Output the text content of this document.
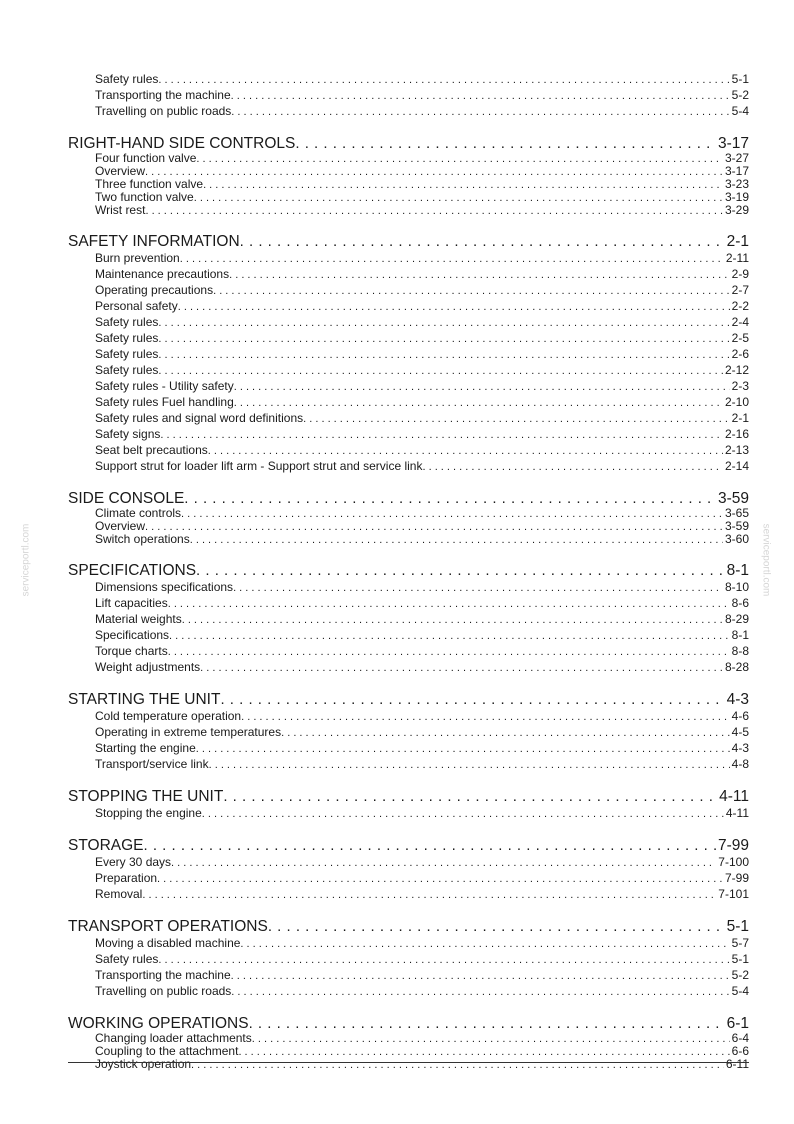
Safety rules . . .	5-1
Transporting the machine . . .	5-2
Travelling on public roads . . .	5-4
RIGHT-HAND SIDE CONTROLS . . .	3-17
Four function valve . . .	3-27
Overview . . .	3-17
Three function valve . . .	3-23
Two function valve . . .	3-19
Wrist rest . . .	3-29
SAFETY INFORMATION . . .	2-1
Burn prevention . . .	2-11
Maintenance precautions . . .	2-9
Operating precautions . . .	2-7
Personal safety . . .	2-2
Safety rules . . .	2-4
Safety rules . . .	2-5
Safety rules . . .	2-6
Safety rules . . .	2-12
Safety rules - Utility safety . . .	2-3
Safety rules Fuel handling . . .	2-10
Safety rules and signal word definitions . . .	2-1
Safety signs . . .	2-16
Seat belt precautions . . .	2-13
Support strut for loader lift arm - Support strut and service link . . .	2-14
SIDE CONSOLE . . .	3-59
Climate controls . . .	3-65
Overview . . .	3-59
Switch operations . . .	3-60
SPECIFICATIONS . . .	8-1
Dimensions specifications . . .	8-10
Lift capacities . . .	8-6
Material weights . . .	8-29
Specifications . . .	8-1
Torque charts . . .	8-8
Weight adjustments . . .	8-28
STARTING THE UNIT . . .	4-3
Cold temperature operation . . .	4-6
Operating in extreme temperatures . . .	4-5
Starting the engine . . .	4-3
Transport/service link . . .	4-8
STOPPING THE UNIT . . .	4-11
Stopping the engine . . .	4-11
STORAGE . . .	7-99
Every 30 days . . .	7-100
Preparation . . .	7-99
Removal . . .	7-101
TRANSPORT OPERATIONS . . .	5-1
Moving a disabled machine . . .	5-7
Safety rules . . .	5-1
Transporting the machine . . .	5-2
Travelling on public roads . . .	5-4
WORKING OPERATIONS . . .	6-1
Changing loader attachments . . .	6-4
Coupling to the attachment . . .	6-6
Joystick operation . . .	6-11
serviceportl.com	serviceportl.com
